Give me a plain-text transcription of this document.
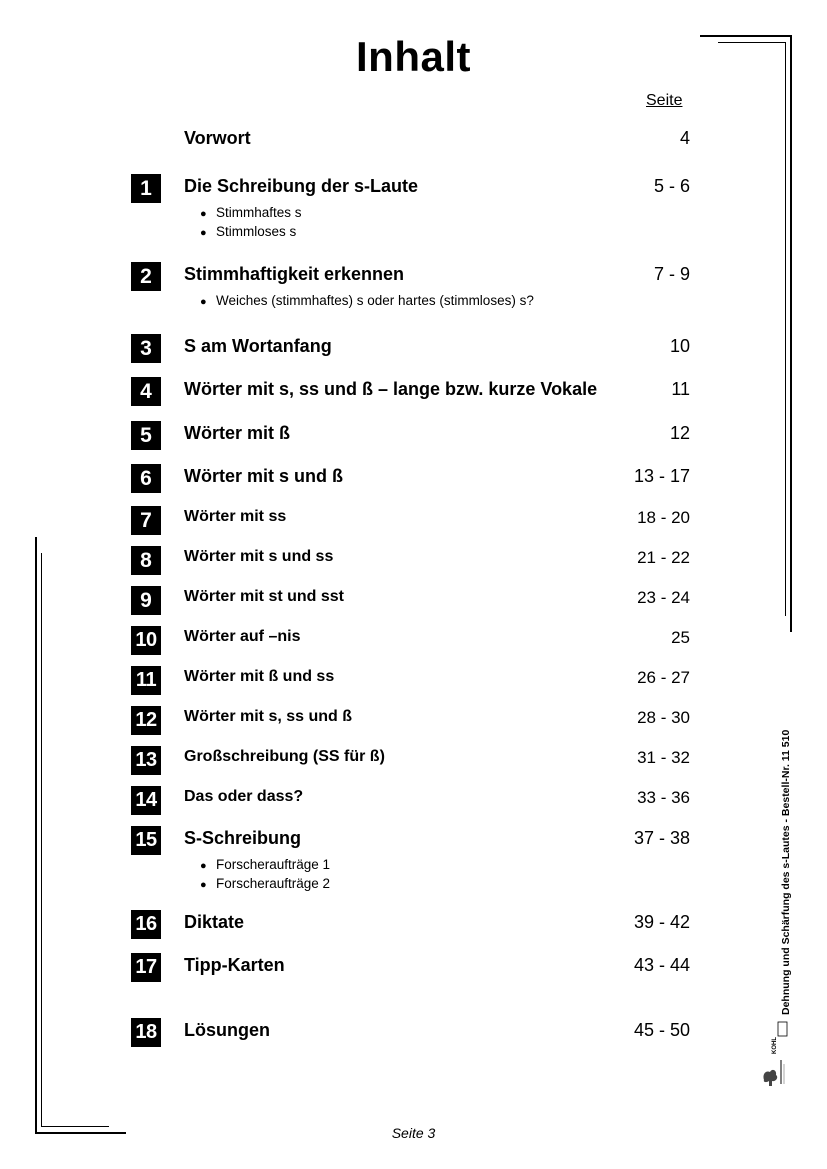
Inhalt
Seite
Vorwort	4
1	Die Schreibung der s-Laute	5 - 6
● Stimmhaftes s
● Stimmloses s
2	Stimmhaftigkeit erkennen	7 - 9
● Weiches (stimmhaftes) s oder hartes (stimmloses) s?
3	S am Wortanfang	10
4	Wörter mit s, ss und ß – lange bzw. kurze Vokale	11
5	Wörter mit ß	12
6	Wörter mit s und ß	13 - 17
7	Wörter mit ss	18 - 20
8	Wörter mit s und ss	21 - 22
9	Wörter mit st und sst	23 - 24
10 Wörter auf –nis	25
11	Wörter mit ß und ss	26 - 27
12 Wörter mit s, ss und ß	28 - 30
13 Großschreibung (SS für ß)	31 - 32
14 Das oder dass?	33 - 36
15 S-Schreibung	37 - 38
● Forscheraufträge 1
● Forscheraufträge 2
16 Diktate	39 - 42
17 Tipp-Karten	43 - 44
18 Lösungen	45 - 50
Dehnung und Schärfung des s-Lautes - Bestell-Nr. 11 510
KOHL
Seite 3
